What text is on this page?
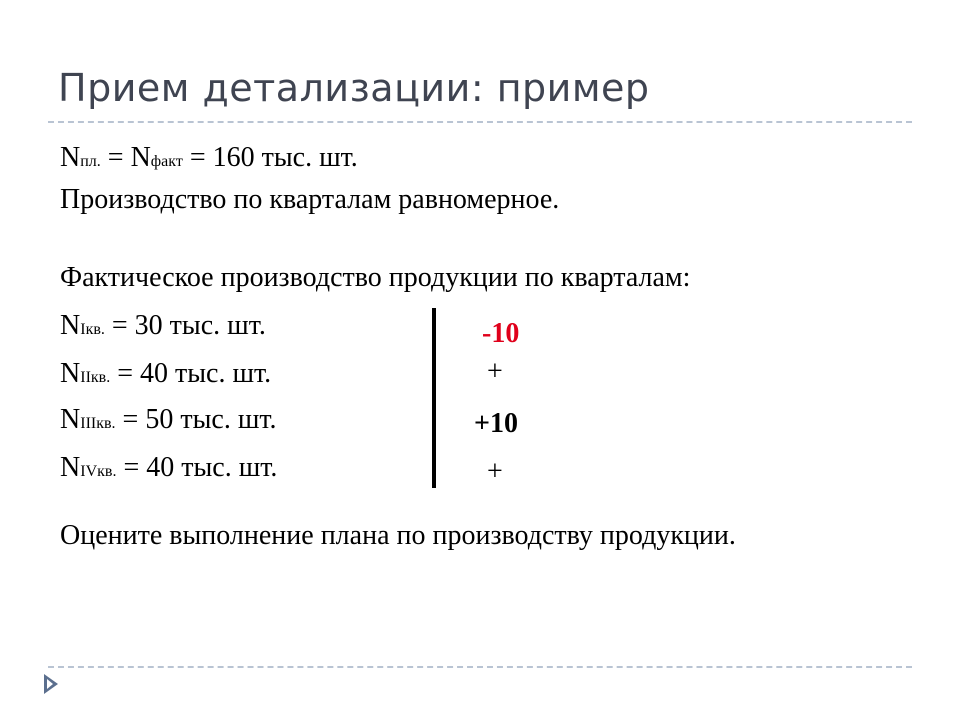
Прием детализации: пример
Nпл. = Nфакт = 160 тыс. шт.
Производство по кварталам равномерное.
Фактическое производство продукции по кварталам:
NIкв. = 30 тыс. шт.
NIIкв. = 40 тыс. шт.
NIIIкв. = 50 тыс. шт.
NIVкв. = 40 тыс. шт.
-10
+
+10
+
Оцените выполнение плана по производству продукции.
